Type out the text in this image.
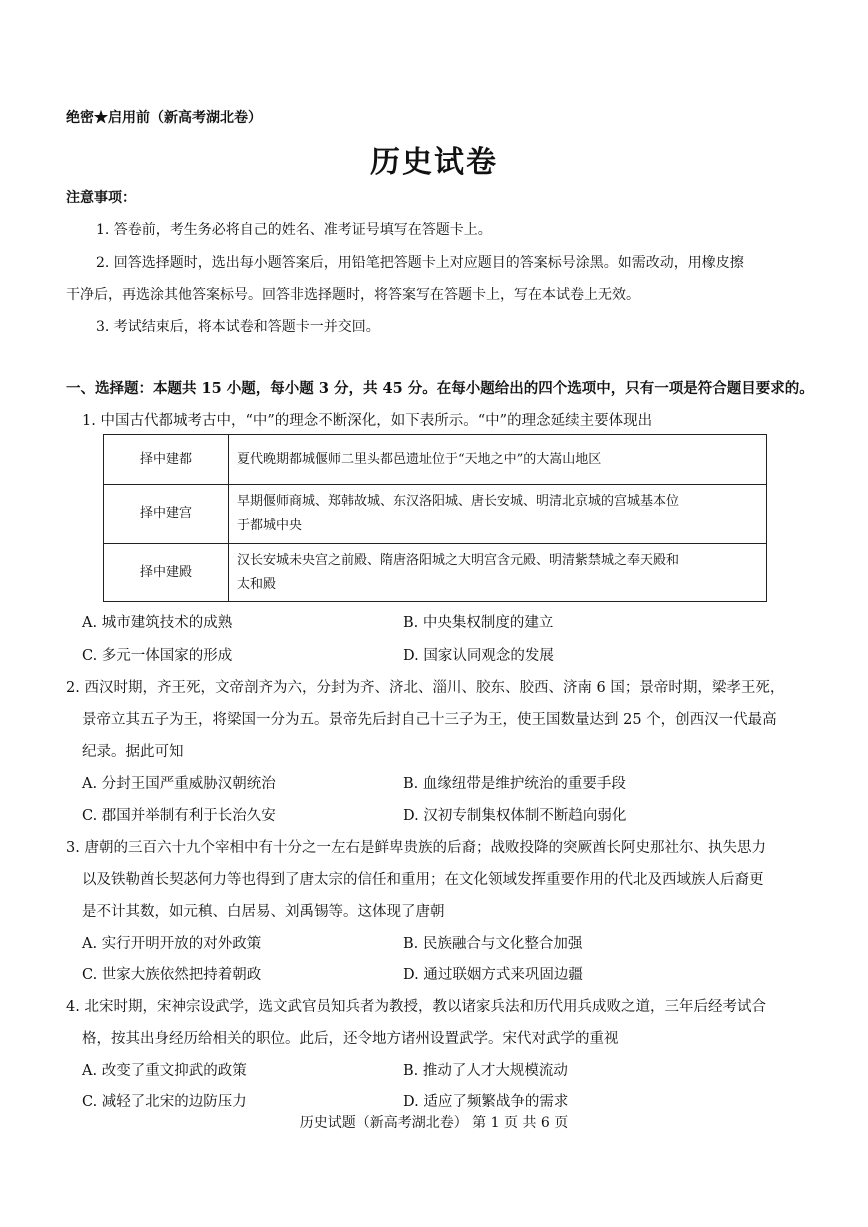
绝密★启用前（新高考湖北卷）
历史试卷
注意事项：
1. 答卷前，考生务必将自己的姓名、准考证号填写在答题卡上。
2. 回答选择题时，选出每小题答案后，用铅笔把答题卡上对应题目的答案标号涂黑。如需改动，用橡皮擦
干净后，再选涂其他答案标号。回答非选择题时，将答案写在答题卡上，写在本试卷上无效。
3. 考试结束后，将本试卷和答题卡一并交回。
一、选择题：本题共 15 小题，每小题 3 分，共 45 分。在每小题给出的四个选项中，只有一项是符合题目要求的。
1. 中国古代都城考古中，“中”的理念不断深化，如下表所示。“中”的理念延续主要体现出
择中建都	夏代晚期都城偃师二里头都邑遗址位于“天地之中”的大嵩山地区
择中建宫	早期偃师商城、郑韩故城、东汉洛阳城、唐长安城、明清北京城的宫城基本位
于都城中央

择中建殿	汉长安城未央宫之前殿、隋唐洛阳城之大明宫含元殿、明清紫禁城之奉天殿和
太和殿
A. 城市建筑技术的成熟	B. 中央集权制度的建立
C. 多元一体国家的形成	D. 国家认同观念的发展
2. 西汉时期，齐王死，文帝剖齐为六，分封为齐、济北、淄川、胶东、胶西、济南 6 国；景帝时期，梁孝王死，
景帝立其五子为王，将梁国一分为五。景帝先后封自己十三子为王，使王国数量达到 25 个，创西汉一代最高
纪录。据此可知
A. 分封王国严重威胁汉朝统治	B. 血缘纽带是维护统治的重要手段
C. 郡国并举制有利于长治久安	D. 汉初专制集权体制不断趋向弱化
3. 唐朝的三百六十九个宰相中有十分之一左右是鲜卑贵族的后裔；战败投降的突厥酋长阿史那社尔、执失思力
以及铁勒酋长契苾何力等也得到了唐太宗的信任和重用；在文化领域发挥重要作用的代北及西域族人后裔更
是不计其数，如元稹、白居易、刘禹锡等。这体现了唐朝
A. 实行开明开放的对外政策	B. 民族融合与文化整合加强
C. 世家大族依然把持着朝政	D. 通过联姻方式来巩固边疆
4. 北宋时期，宋神宗设武学，选文武官员知兵者为教授，教以诸家兵法和历代用兵成败之道，三年后经考试合
格，按其出身经历给相关的职位。此后，还令地方诸州设置武学。宋代对武学的重视
A. 改变了重文抑武的政策	B. 推动了人才大规模流动
C. 减轻了北宋的边防压力	D. 适应了频繁战争的需求
历史试题（新高考湖北卷） 第 1 页 共 6 页
